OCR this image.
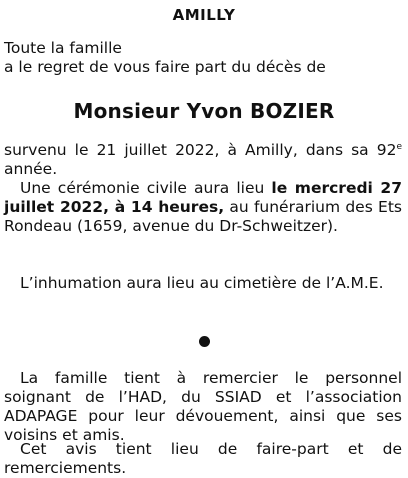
AMILLY
Toute la famille
a le regret de vous faire part du décès de
Monsieur Yvon BOZIER
survenu le 21 juillet 2022, à Amilly, dans sa 92e année.
Une cérémonie civile aura lieu le mercredi 27 juillet 2022, à 14 heures, au funérarium des Ets Rondeau (1659, avenue du Dr-Schweitzer).
L’inhumation aura lieu au cimetière de l’A.M.E.
La famille tient à remercier le personnel soignant de l’HAD, du SSIAD et l’association ADAPAGE pour leur dévouement, ainsi que ses voisins et amis.
Cet avis tient lieu de faire-part et de remerciements.
